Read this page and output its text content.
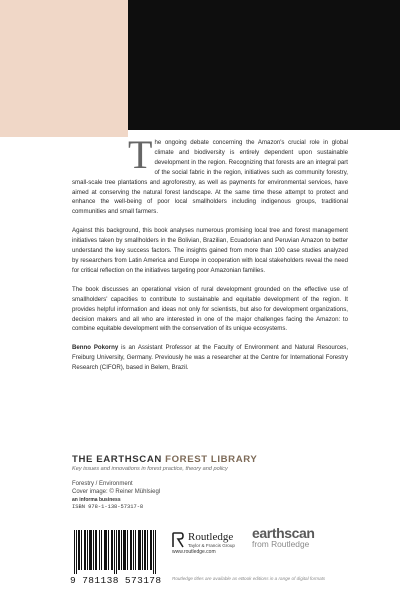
The ongoing debate concerning the Amazon's crucial role in global climate and biodiversity is entirely dependent upon sustainable development in the region. Recognizing that forests are an integral part of the social fabric in the region, initiatives such as community forestry, small-scale tree plantations and agroforestry, as well as payments for environmental services, have aimed at conserving the natural forest landscape. At the same time these attempt to protect and enhance the well-being of poor local smallholders including indigenous groups, traditional communities and small farmers.

Against this background, this book analyses numerous promising local tree and forest management initiatives taken by smallholders in the Bolivian, Brazilian, Ecuadorian and Peruvian Amazon to better understand the key success factors. The insights gained from more than 100 case studies analyzed by researchers from Latin America and Europe in cooperation with local stakeholders reveal the need for critical reflection on the initiatives targeting poor Amazonian families.

The book discusses an operational vision of rural development grounded on the effective use of smallholders' capacities to contribute to sustainable and equitable development of the region. It provides helpful information and ideas not only for scientists, but also for development organizations, decision makers and all who are interested in one of the major challenges facing the Amazon: to combine equitable development with the conservation of its unique ecosystems.

Benno Pokorny is an Assistant Professor at the Faculty of Environment and Natural Resources, Freiburg University, Germany. Previously he was a researcher at the Centre for International Forestry Research (CIFOR), based in Belem, Brazil.

THE EARTHSCAN FOREST LIBRARY
Key issues and innovations in forest practice, theory and policy
Forestry / Environment
Cover image: © Reiner Mühlsiegl
an informa business
ISBN 978-1-138-57317-8
9 781138 573178
Routledge
Taylor & Francis Group
www.routledge.com
earthscan
from Routledge
Routledge titles are available as eBook editions in a range of digital formats
